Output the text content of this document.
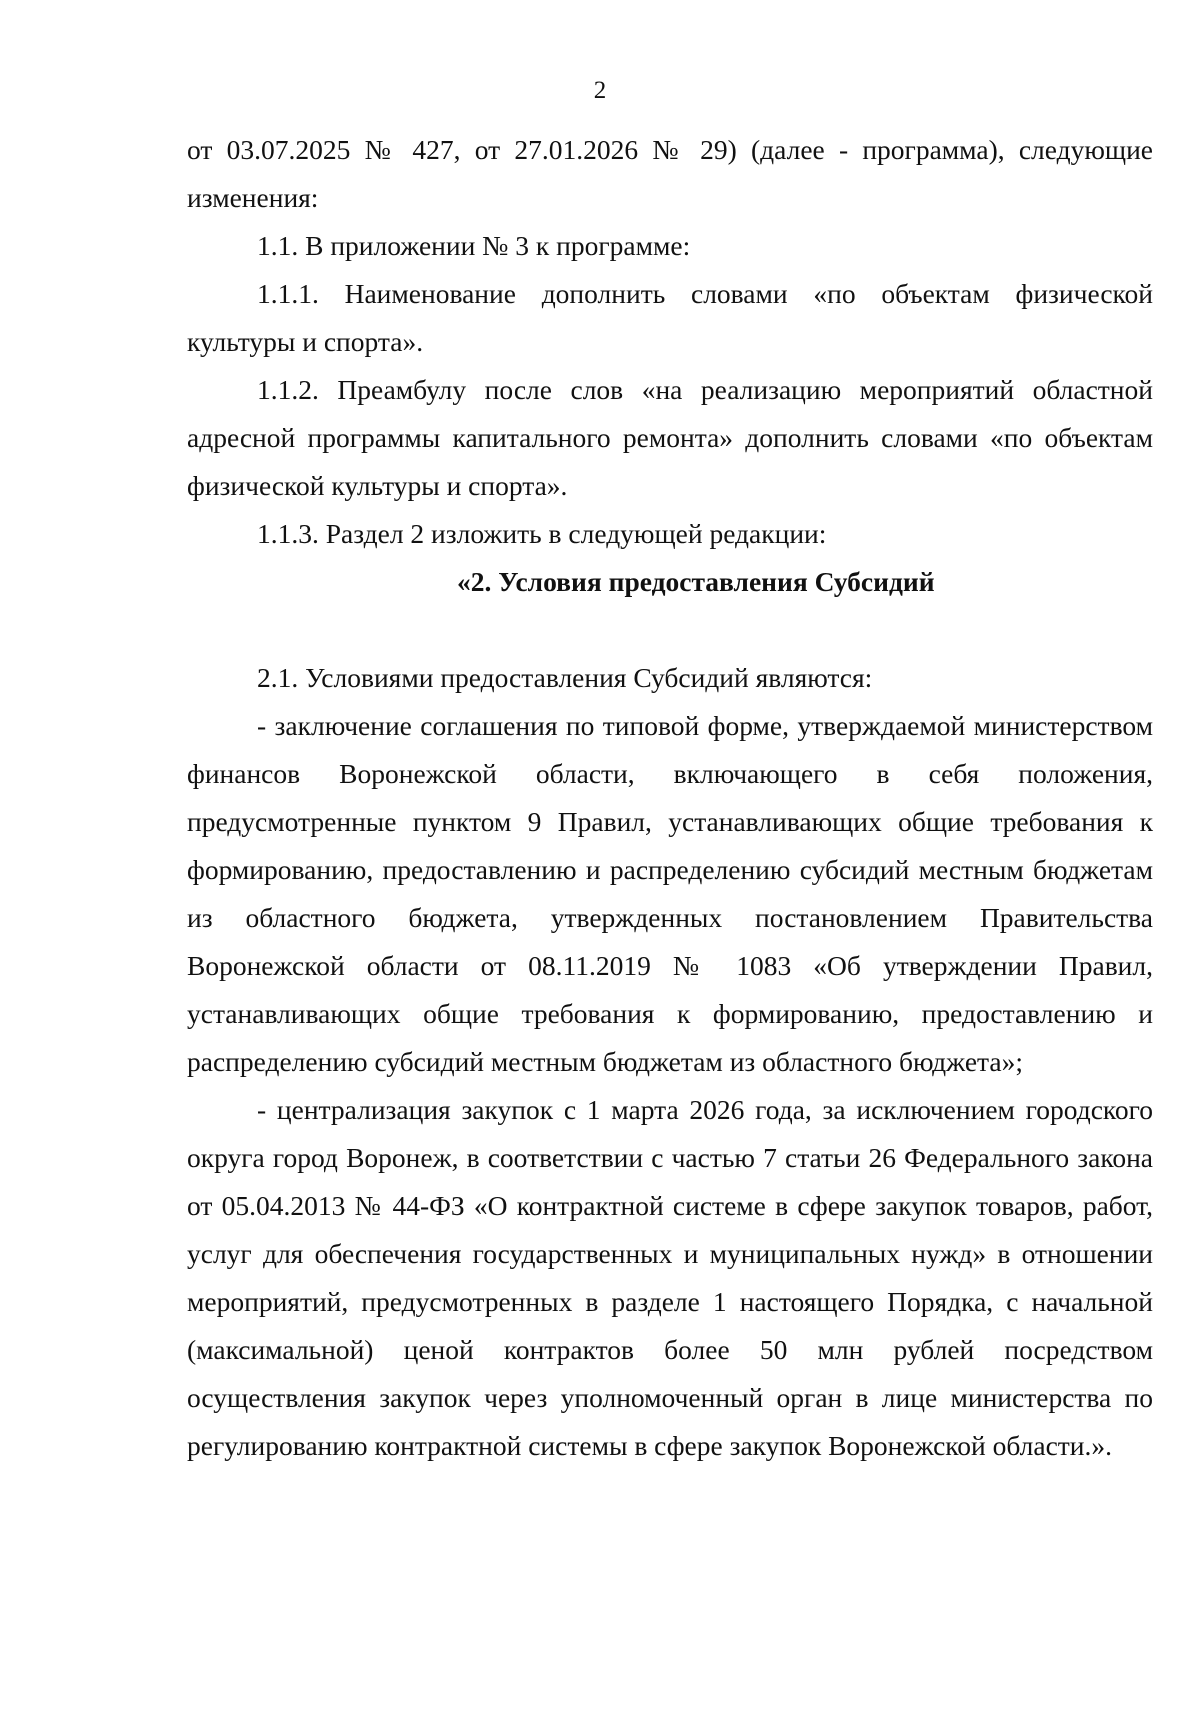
2

от 03.07.2025 № 427, от 27.01.2026 № 29) (далее - программа), следующие изменения:

1.1. В приложении № 3 к программе:

1.1.1. Наименование дополнить словами «по объектам физической культуры и спорта».

1.1.2. Преамбулу после слов «на реализацию мероприятий областной адресной программы капитального ремонта» дополнить словами «по объектам физической культуры и спорта».

1.1.3. Раздел 2 изложить в следующей редакции:

«2. Условия предоставления Субсидий

2.1. Условиями предоставления Субсидий являются:

- заключение соглашения по типовой форме, утверждаемой министерством финансов Воронежской области, включающего в себя положения, предусмотренные пунктом 9 Правил, устанавливающих общие требования к формированию, предоставлению и распределению субсидий местным бюджетам из областного бюджета, утвержденных постановлением Правительства Воронежской области от 08.11.2019 № 1083 «Об утверждении Правил, устанавливающих общие требования к формированию, предоставлению и распределению субсидий местным бюджетам из областного бюджета»;

- централизация закупок с 1 марта 2026 года, за исключением городского округа город Воронеж, в соответствии с частью 7 статьи 26 Федерального закона от 05.04.2013 № 44-ФЗ «О контрактной системе в сфере закупок товаров, работ, услуг для обеспечения государственных и муниципальных нужд» в отношении мероприятий, предусмотренных в разделе 1 настоящего Порядка, с начальной (максимальной) ценой контрактов более 50 млн рублей посредством осуществления закупок через уполномоченный орган в лице министерства по регулированию контрактной системы в сфере закупок Воронежской области.».
